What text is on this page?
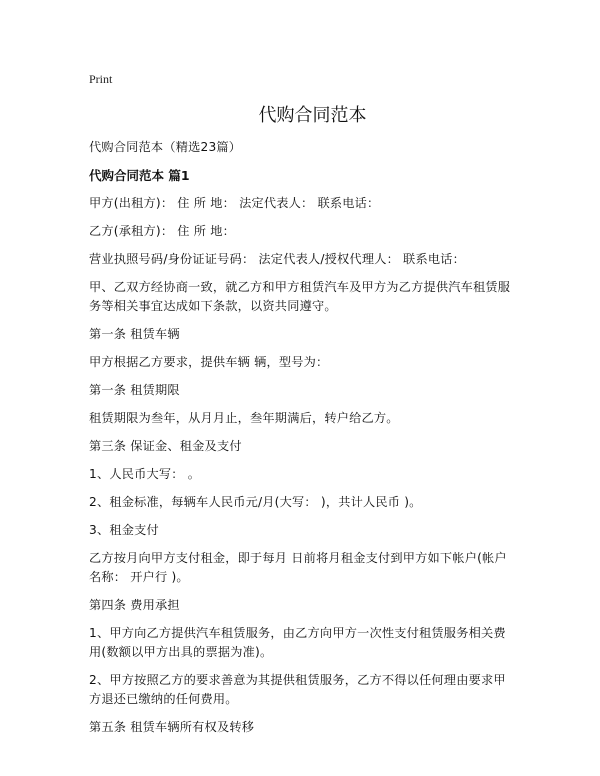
Print
代购合同范本

代购合同范本（精选23篇）

代购合同范本 篇1

甲方(出租方)： 住 所 地： 法定代表人： 联系电话：

乙方(承租方)： 住 所 地：

营业执照号码/身份证证号码： 法定代表人/授权代理人： 联系电话：

甲、乙双方经协商一致，就乙方和甲方租赁汽车及甲方为乙方提供汽车租赁服务等相关事宜达成如下条款，以资共同遵守。

第一条 租赁车辆

甲方根据乙方要求，提供车辆 辆，型号为：

第一条 租赁期限

租赁期限为叁年，从月月止，叁年期满后，转户给乙方。

第三条 保证金、租金及支付

1、人民币大写： 。

2、租金标准，每辆车人民币元/月(大写： )，共计人民币 )。

3、租金支付

乙方按月向甲方支付租金，即于每月 日前将月租金支付到甲方如下帐户(帐户名称： 开户行 )。

第四条 费用承担

1、甲方向乙方提供汽车租赁服务，由乙方向甲方一次性支付租赁服务相关费用(数额以甲方出具的票据为准)。

2、甲方按照乙方的要求善意为其提供租赁服务，乙方不得以任何理由要求甲方退还已缴纳的任何费用。

第五条 租赁车辆所有权及转移
